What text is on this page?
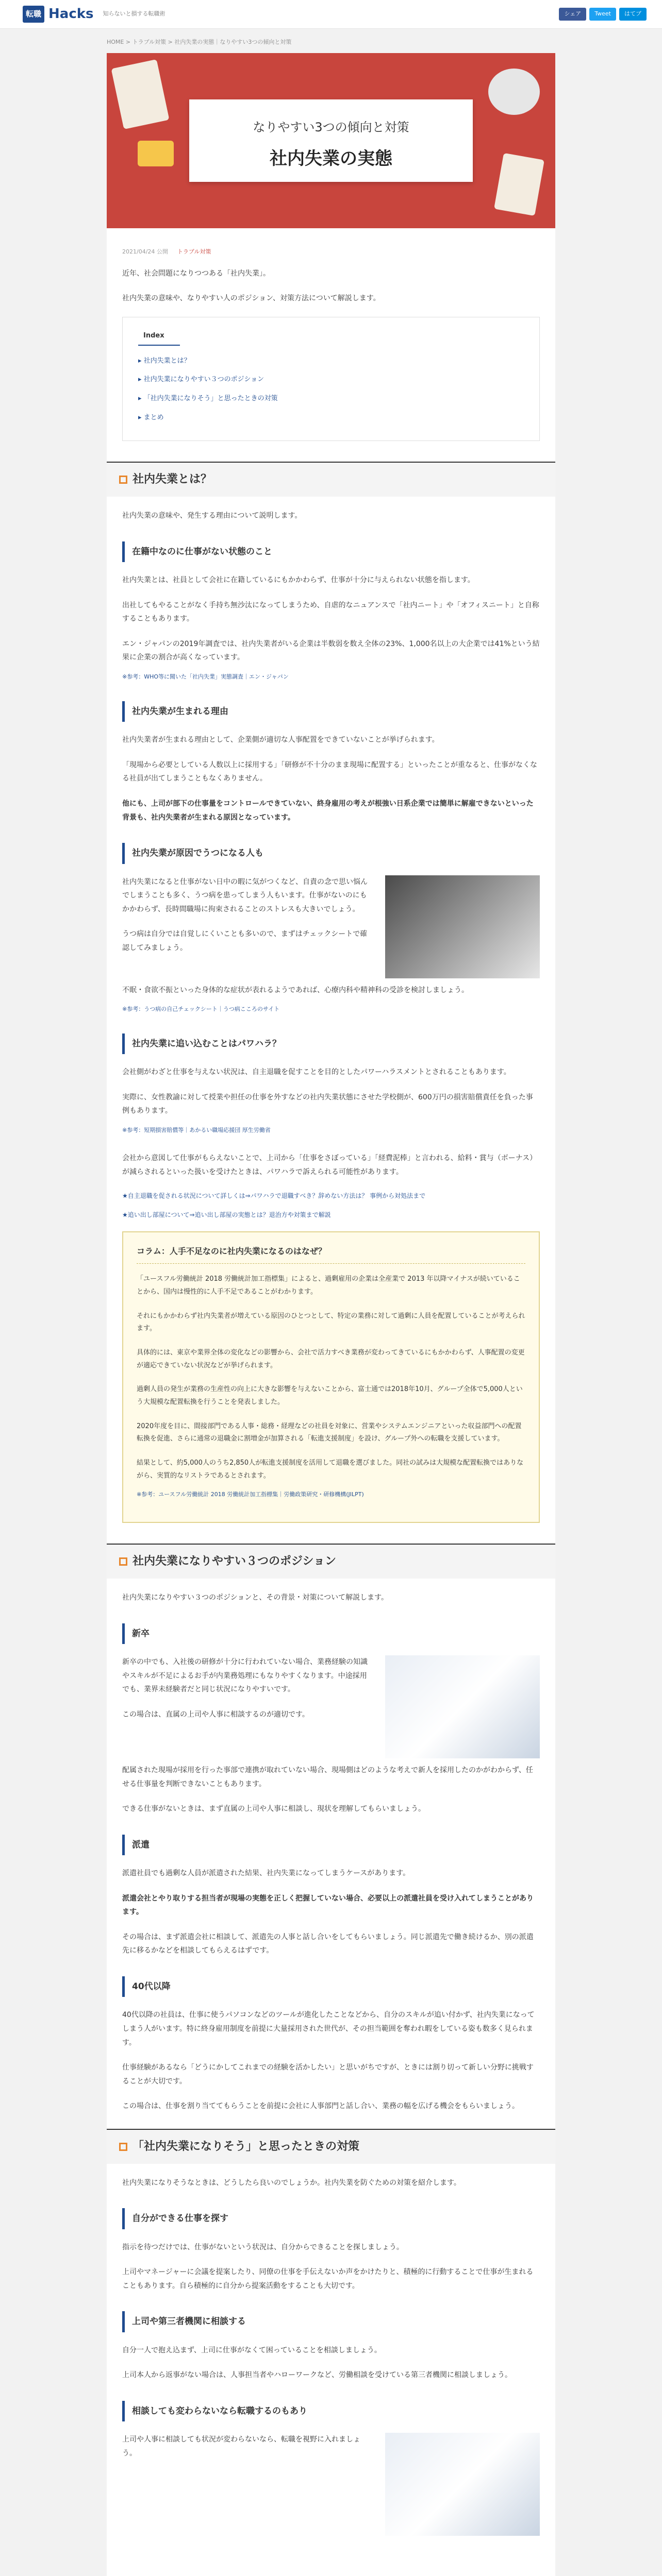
転職 Hacks 知らないと損する転職術	シェア	Tweet	はてブ
HOME > トラブル対策 > 社内失業の実態｜なりやすい3つの傾向と対策
なりやすい3つの傾向と対策
社内失業の実態
2021/04/24 公開 トラブル対策

近年、社会問題になりつつある「社内失業」。

社内失業の意味や、なりやすい人のポジション、対策方法について解説します。

Index
▸ 社内失業とは？
▸ 社内失業になりやすい３つのポジション
▸ 「社内失業になりそう」と思ったときの対策
▸ まとめ
社内失業とは？

社内失業の意味や、発生する理由について説明します。

在籍中なのに仕事がない状態のこと

社内失業とは、社員として会社に在籍しているにもかかわらず、仕事が十分に与えられない状態を指します。

出社してもやることがなく手持ち無沙汰になってしまうため、自虐的なニュアンスで「社内ニート」や「オフィスニート」と自称することもあります。

エン・ジャパンの2019年調査では、社内失業者がいる企業は半数弱を数え全体の23%、1,000名以上の大企業では41%という結果に企業の割合が高くなっています。

※参考：WHO等に聞いた「社内失業」実態調査｜エン・ジャパン
社内失業が生まれる理由

社内失業者が生まれる理由として、企業側が適切な人事配置をできていないことが挙げられます。

「現場から必要としている人数以上に採用する」「研修が不十分のまま現場に配置する」といったことが重なると、仕事がなくなる社員が出てしまうこともなくありません。

他にも、上司が部下の仕事量をコントロールできていない、終身雇用の考えが根強い日系企業では簡単に解雇できないといった背景も、社内失業者が生まれる原因となっています。

社内失業が原因でうつになる人も

社内失業になると仕事がない日中の暇に気がつくなど、自責の念で思い悩んでしまうことも多く、うつ病を患ってしまう人もいます。仕事がないのにもかかわらず、長時間職場に拘束されることのストレスも大きいでしょう。

うつ病は自分では自覚しにくいことも多いので、まずはチェックシートで確認してみましょう。

不眠・食欲不振といった身体的な症状が表れるようであれば、心療内科や精神科の受診を検討しましょう。

※参考：うつ病の自己チェックシート｜うつ病こころのサイト
社内失業に追い込むことはパワハラ？

会社側がわざと仕事を与えない状況は、自主退職を促すことを目的としたパワーハラスメントとされることもあります。

実際に、女性教諭に対して授業や担任の仕事を外すなどの社内失業状態にさせた学校側が、600万円の損害賠償責任を負った事例もあります。

※参考：短期損害賠償等｜あかるい職場応援団 厚生労働省

会社から意図して仕事がもらえないことで、上司から「仕事をさぼっている」「経費泥棒」と言われる、給料・賞与（ボーナス）が減らされるといった扱いを受けたときは、パワハラで訴えられる可能性があります。

★自主退職を促される状況について詳しくは⇒パワハラで退職すべき？辞めない方法は？ 事例から対処法まで
★追い出し部屋について⇒追い出し部屋の実態とは？退治方や対策まで解説
コラム：人手不足なのに社内失業になるのはなぜ？

「ユースフル労働統計 2018 労働統計加工指標集」によると、過剰雇用の企業は全産業で 2013 年以降マイナスが続いていることから、国内は慢性的に人手不足であることがわかります。

それにもかかわらず社内失業者が増えている原因のひとつとして、特定の業務に対して過剰に人員を配置していることが考えられます。

具体的には、東京や業界全体の変化などの影響から、会社で活力すべき業務が変わってきているにもかかわらず、人事配置の変更が適応できていない状況などが挙げられます。

過剰人員の発生が業務の生産性の向上に大きな影響を与えないことから、富士通では2018年10月、グループ全体で5,000人という大規模な配置転換を行うことを発表しました。

2020年度を目に、間接部門である人事・総務・経理などの社員を対象に、営業やシステムエンジニアといった収益部門への配置転換を促進、さらに通常の退職金に割増金が加算される「転進支援制度」を設け、グループ外への転職を支援しています。

結果として、約5,000人のうち2,850人が転進支援制度を活用して退職を選びました。同社の試みは大規模な配置転換ではありながら、実質的なリストラであるとされます。

※参考：ユースフル労働統計 2018 労働統計加工指標集｜労働政策研究・研修機構(JILPT)
社内失業になりやすい３つのポジション

社内失業になりやすい３つのポジションと、その背景・対策について解説します。

新卒

新卒の中でも、入社後の研修が十分に行われていない場合、業務経験の知識やスキルが不足によるお手が内業務処理にもなりやすくなります。中途採用でも、業界未経験者だと同じ状況になりやすいです。

この場合は、直属の上司や人事に相談するのが適切です。

配属された現場が採用を行った事部で連携が取れていない場合、現場側はどのような考えで新人を採用したのかがわからず、任せる仕事量を判断できないこともあります。

できる仕事がないときは、まず直属の上司や人事に相談し、現状を理解してもらいましょう。

派遣

派遣社員でも過剰な人員が派遣された結果、社内失業になってしまうケースがあります。

派遣会社とやり取りする担当者が現場の実態を正しく把握していない場合、必要以上の派遣社員を受け入れてしまうことがあります。

その場合は、まず派遣会社に相談して、派遣先の人事と話し合いをしてもらいましょう。同じ派遣先で働き続けるか、別の派遣先に移るかなどを相談してもらえるはずです。

40代以降

40代以降の社員は、仕事に使うパソコンなどのツールが進化したことなどから、自分のスキルが追い付かず、社内失業になってしまう人がいます。特に終身雇用制度を前提に大量採用された世代が、その担当範囲を奪われ暇をしている姿も数多く見られます。

仕事経験があるなら「どうにかしてこれまでの経験を活かしたい」と思いがちですが、ときには割り切って新しい分野に挑戦することが大切です。

この場合は、仕事を割り当ててもらうことを前提に会社に人事部門と話し合い、業務の幅を広げる機会をもらいましょう。

「社内失業になりそう」と思ったときの対策

社内失業になりそうなときは、どうしたら良いのでしょうか。社内失業を防ぐための対策を紹介します。

自分ができる仕事を探す

指示を待つだけでは、仕事がないという状況は、自分からできることを探しましょう。

上司やマネージャーに会議を提案したり、同僚の仕事を手伝えないか声をかけたりと、積極的に行動することで仕事が生まれることもあります。自ら積極的に自分から提案活動をすることも大切です。

上司や第三者機関に相談する

自分一人で抱え込まず、上司に仕事がなくて困っていることを相談しましょう。

上司本人から返事がない場合は、人事担当者やハローワークなど、労働相談を受けている第三者機関に相談しましょう。

相談しても変わらないなら転職するのもあり

上司や人事に相談しても状況が変わらないなら、転職を視野に入れましょう。
